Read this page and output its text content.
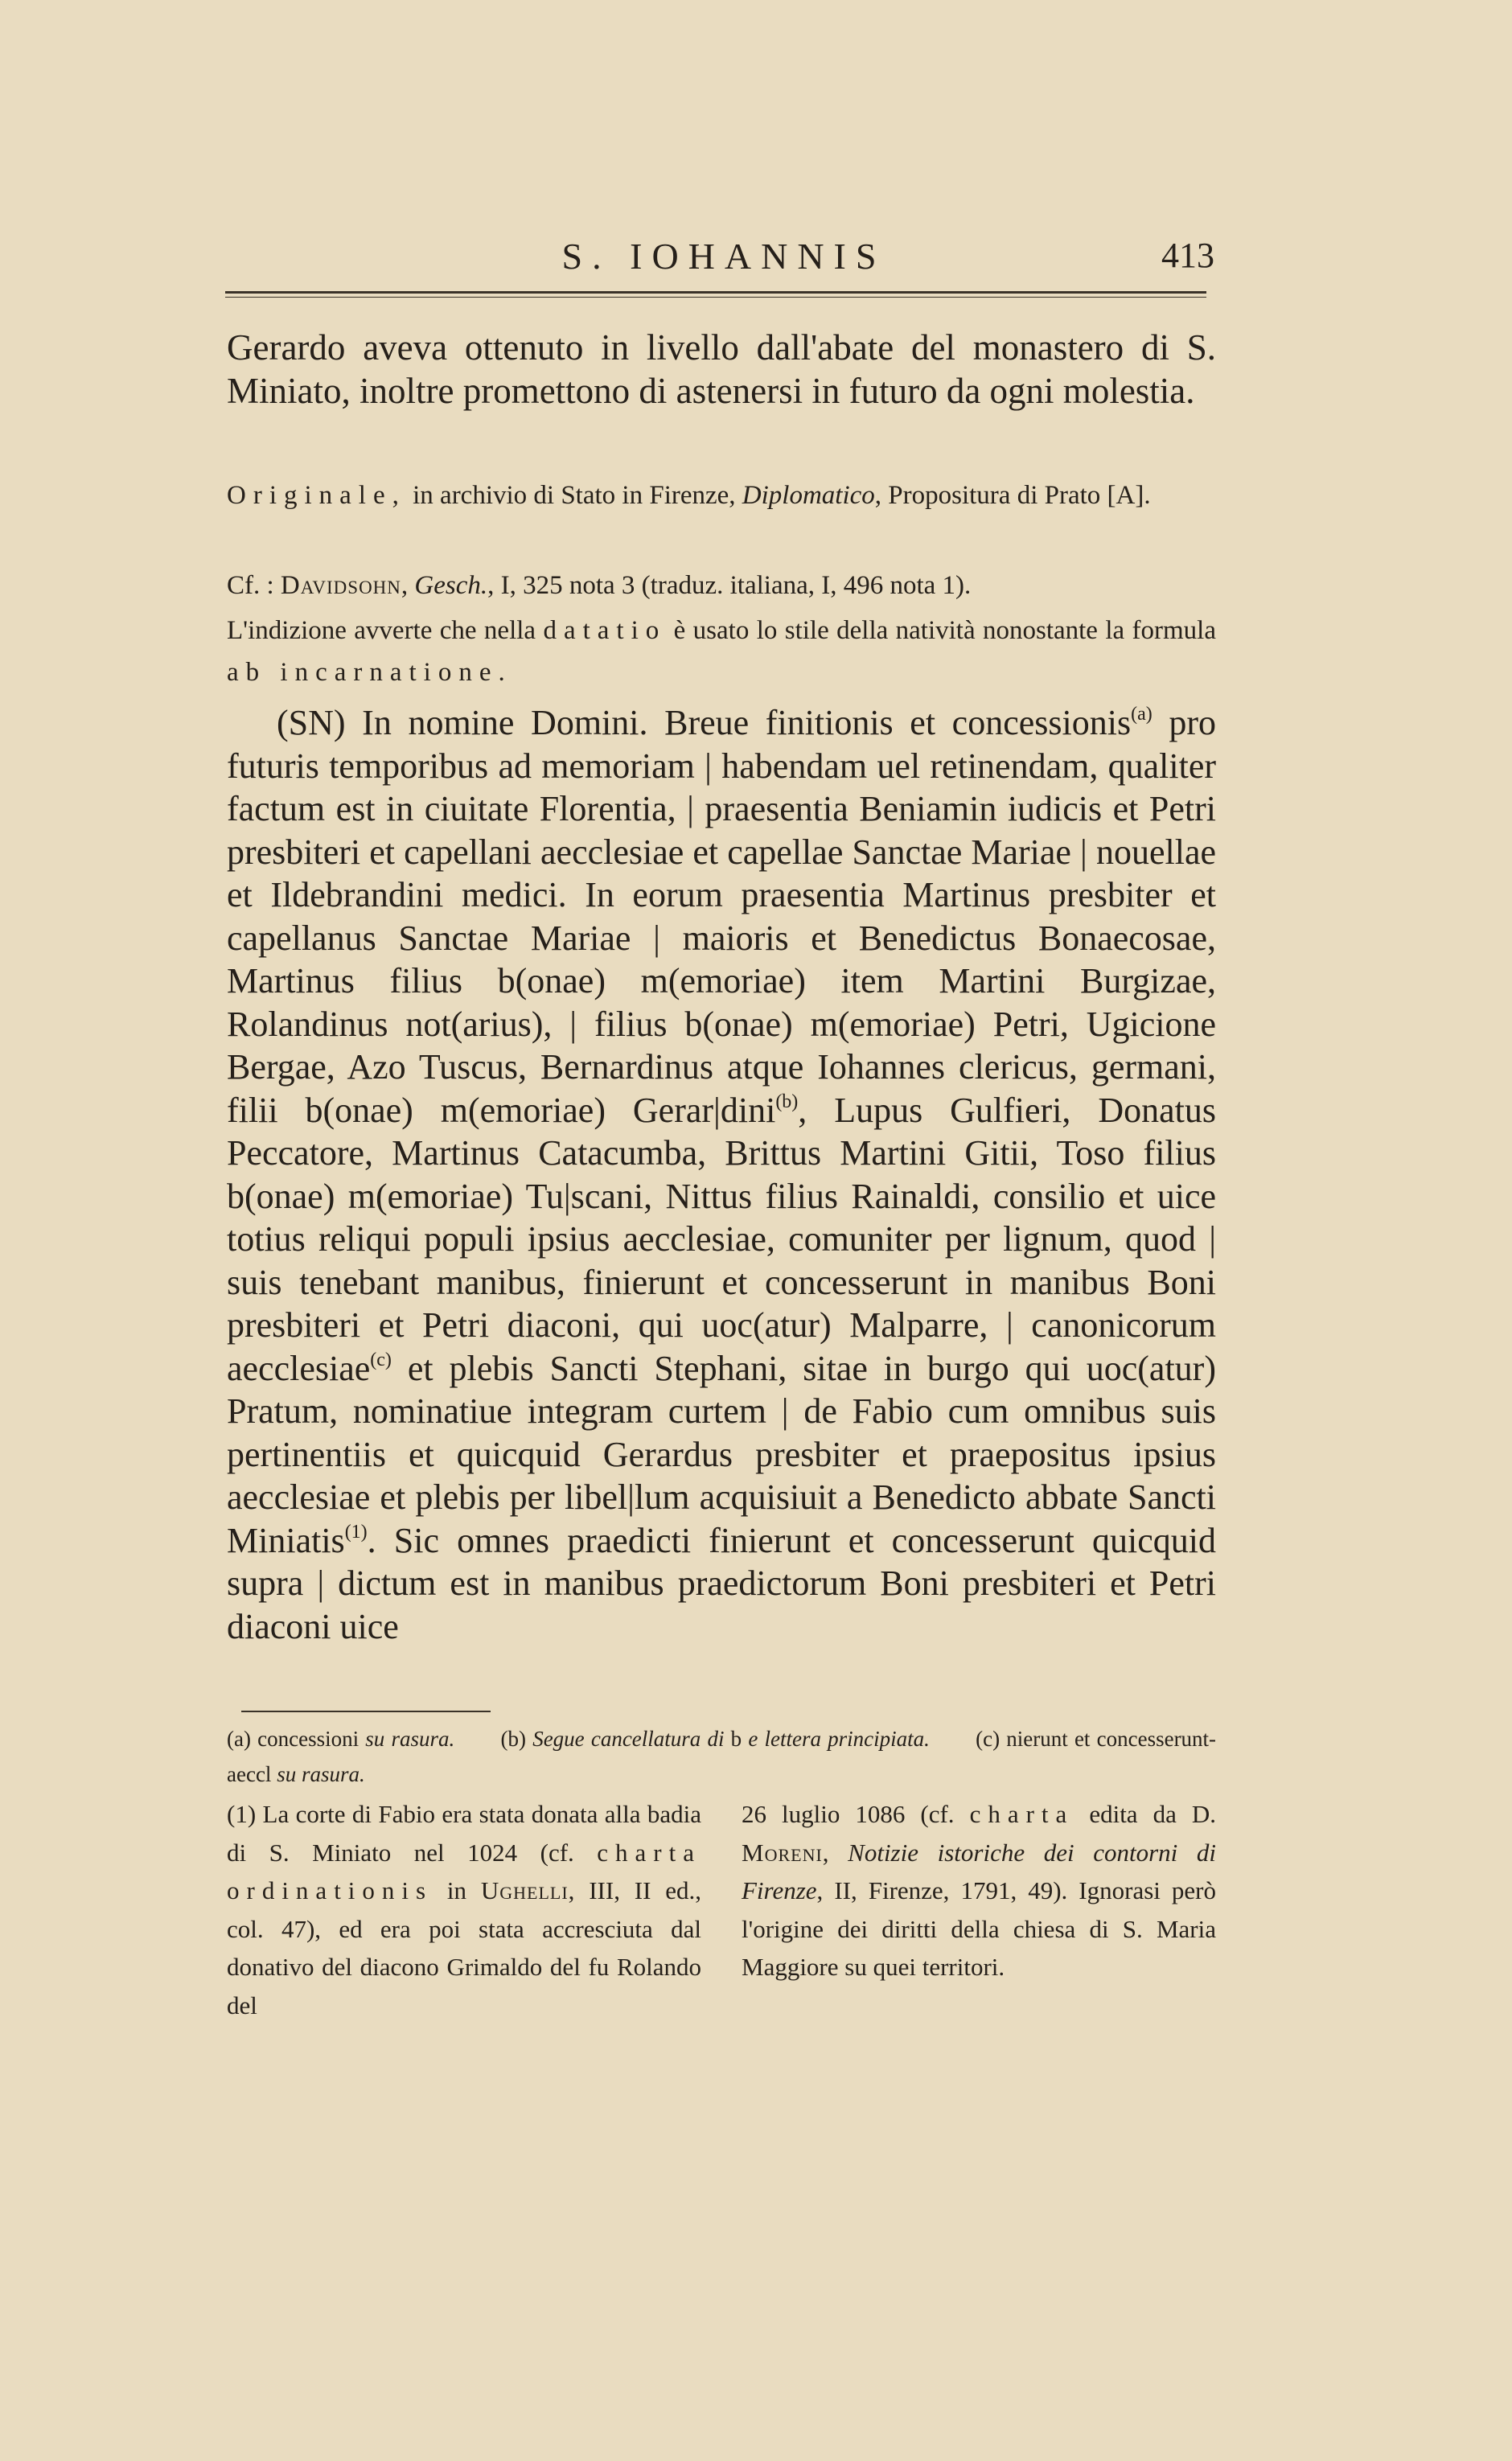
S. IOHANNIS	413
Gerardo aveva ottenuto in livello dall'abate del monastero di S. Miniato, inoltre promettono di astenersi in futuro da ogni molestia.
Originale, in archivio di Stato in Firenze, Diplomatico, Propositura di Prato [A].
Cf. : Davidsohn, Gesch., I, 325 nota 3 (traduz. italiana, I, 496 nota 1).
L'indizione avverte che nella datatio è usato lo stile della natività nonostante la formula ab incarnatione.

(SN) In nomine Domini. Breue finitionis et concessionis$^{(a)}$ pro futuris temporibus ad memoriam | habendam uel retinendam, qualiter factum est in ciuitate Florentia, | praesentia Beniamin iudicis et Petri presbiteri et capellani aecclesiae et capellae Sanctae Mariae | nouellae et Ildebrandini medici. In eorum praesentia Martinus presbiter et capellanus Sanctae Mariae | maioris et Benedictus Bonaecosae, Martinus filius b(onae) m(emoriae) item Martini Burgizae, Rolandinus not(arius), | filius b(onae) m(emoriae) Petri, Ugicione Bergae, Azo Tuscus, Bernardinus atque Iohannes clericus, germani, filii b(onae) m(emoriae) Gerar|dini$^{(b)}$, Lupus Gulfieri, Donatus Peccatore, Martinus Catacumba, Brittus Martini Gitii, Toso filius b(onae) m(emoriae) Tu|scani, Nittus filius Rainaldi, consilio et uice totius reliqui populi ipsius aecclesiae, comuniter per lignum, quod | suis tenebant manibus, finierunt et concesserunt in manibus Boni presbiteri et Petri diaconi, qui uoc(atur) Malparre, | canonicorum aecclesiae$^{(c)}$ et plebis Sancti Stephani, sitae in burgo qui uoc(atur) Pratum, nominatiue integram curtem | de Fabio cum omnibus suis pertinentiis et quicquid Gerardus presbiter et praepositus ipsius aecclesiae et plebis per libel|lum acquisiuit a Benedicto abbate Sancti Miniatis$^{(1)}$. Sic omnes praedicti finierunt et concesserunt quicquid supra | dictum est in manibus praedictorum Boni presbiteri et Petri diaconi uice

(a) concessioni su rasura. (b) Segue cancellatura di b e lettera principiata. (c) nierunt et concesserunt-aeccl su rasura.
(1) La corte di Fabio era stata donata alla badia di S. Miniato nel 1024 (cf. charta ordinationis in Ughelli, III, II ed., col. 47), ed era poi stata accresciuta dal donativo del diacono Grimaldo del fu Rolando del
26 luglio 1086 (cf. charta edita da D. Moreni, Notizie istoriche dei contorni di Firenze, II, Firenze, 1791, 49). Ignorasi però l'origine dei diritti della chiesa di S. Maria Maggiore su quei territori.
